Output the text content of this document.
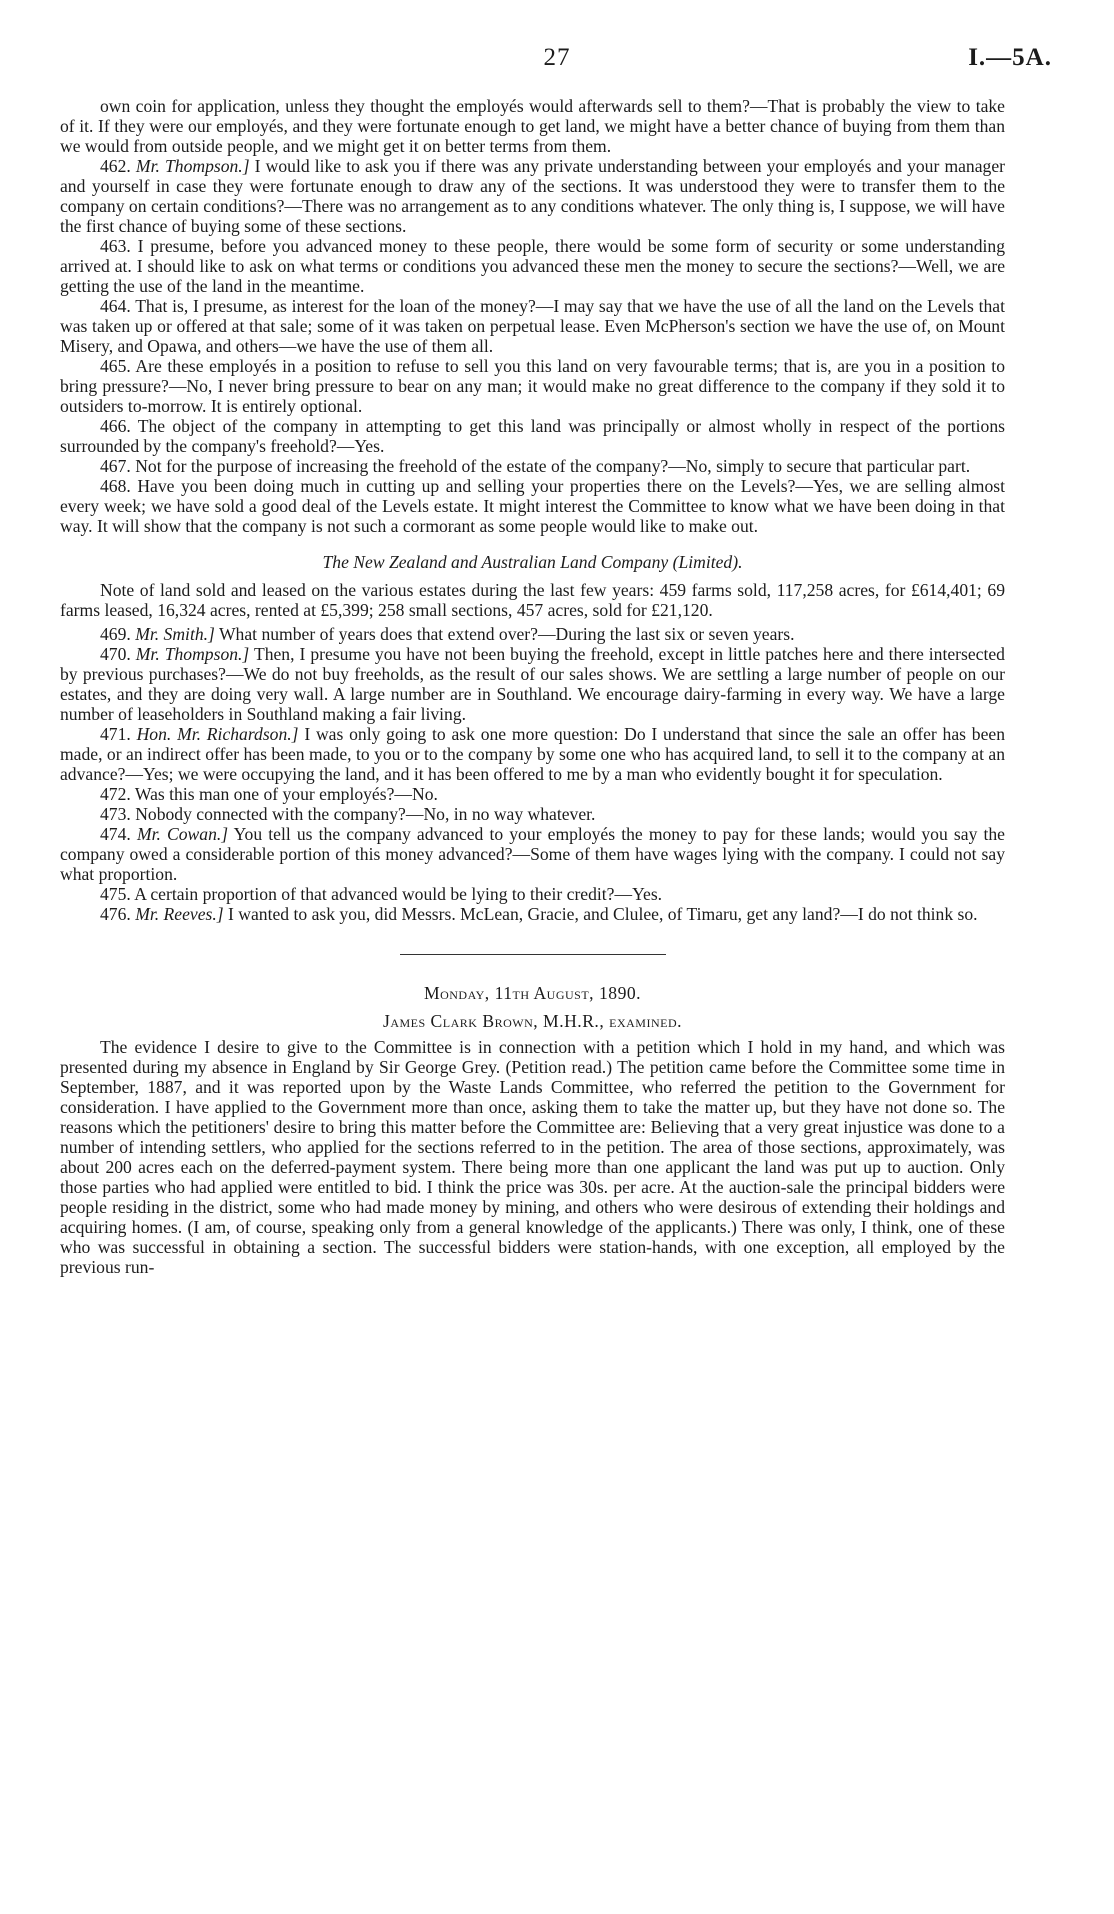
27	I.—5A.

own coin for application, unless they thought the employés would afterwards sell to them?—That is probably the view to take of it. If they were our employés, and they were fortunate enough to get land, we might have a better chance of buying from them than we would from outside people, and we might get it on better terms from them.

462. Mr. Thompson.] I would like to ask you if there was any private understanding between your employés and your manager and yourself in case they were fortunate enough to draw any of the sections. It was understood they were to transfer them to the company on certain conditions?—There was no arrangement as to any conditions whatever. The only thing is, I suppose, we will have the first chance of buying some of these sections.

463. I presume, before you advanced money to these people, there would be some form of security or some understanding arrived at. I should like to ask on what terms or conditions you advanced these men the money to secure the sections?—Well, we are getting the use of the land in the meantime.

464. That is, I presume, as interest for the loan of the money?—I may say that we have the use of all the land on the Levels that was taken up or offered at that sale; some of it was taken on perpetual lease. Even McPherson's section we have the use of, on Mount Misery, and Opawa, and others—we have the use of them all.

465. Are these employés in a position to refuse to sell you this land on very favourable terms; that is, are you in a position to bring pressure?—No, I never bring pressure to bear on any man; it would make no great difference to the company if they sold it to outsiders to-morrow. It is entirely optional.

466. The object of the company in attempting to get this land was principally or almost wholly in respect of the portions surrounded by the company's freehold?—Yes.

467. Not for the purpose of increasing the freehold of the estate of the company?—No, simply to secure that particular part.

468. Have you been doing much in cutting up and selling your properties there on the Levels?—Yes, we are selling almost every week; we have sold a good deal of the Levels estate. It might interest the Committee to know what we have been doing in that way. It will show that the company is not such a cormorant as some people would like to make out.

The New Zealand and Australian Land Company (Limited).

Note of land sold and leased on the various estates during the last few years: 459 farms sold, 117,258 acres, for £614,401; 69 farms leased, 16,324 acres, rented at £5,399; 258 small sections, 457 acres, sold for £21,120.

469. Mr. Smith.] What number of years does that extend over?—During the last six or seven years.

470. Mr. Thompson.] Then, I presume you have not been buying the freehold, except in little patches here and there intersected by previous purchases?—We do not buy freeholds, as the result of our sales shows. We are settling a large number of people on our estates, and they are doing very wall. A large number are in Southland. We encourage dairy-farming in every way. We have a large number of leaseholders in Southland making a fair living.

471. Hon. Mr. Richardson.] I was only going to ask one more question: Do I understand that since the sale an offer has been made, or an indirect offer has been made, to you or to the company by some one who has acquired land, to sell it to the company at an advance?—Yes; we were occupying the land, and it has been offered to me by a man who evidently bought it for speculation.

472. Was this man one of your employés?—No.

473. Nobody connected with the company?—No, in no way whatever.

474. Mr. Cowan.] You tell us the company advanced to your employés the money to pay for these lands; would you say the company owed a considerable portion of this money advanced?—Some of them have wages lying with the company. I could not say what proportion.

475. A certain proportion of that advanced would be lying to their credit?—Yes.

476. Mr. Reeves.] I wanted to ask you, did Messrs. McLean, Gracie, and Clulee, of Timaru, get any land?—I do not think so.

Monday, 11th August, 1890.

James Clark Brown, M.H.R., examined.

The evidence I desire to give to the Committee is in connection with a petition which I hold in my hand, and which was presented during my absence in England by Sir George Grey. (Petition read.) The petition came before the Committee some time in September, 1887, and it was reported upon by the Waste Lands Committee, who referred the petition to the Government for consideration. I have applied to the Government more than once, asking them to take the matter up, but they have not done so. The reasons which the petitioners' desire to bring this matter before the Committee are: Believing that a very great injustice was done to a number of intending settlers, who applied for the sections referred to in the petition. The area of those sections, approximately, was about 200 acres each on the deferred-payment system. There being more than one applicant the land was put up to auction. Only those parties who had applied were entitled to bid. I think the price was 30s. per acre. At the auction-sale the principal bidders were people residing in the district, some who had made money by mining, and others who were desirous of extending their holdings and acquiring homes. (I am, of course, speaking only from a general knowledge of the applicants.) There was only, I think, one of these who was successful in obtaining a section. The successful bidders were station-hands, with one exception, all employed by the previous run-
